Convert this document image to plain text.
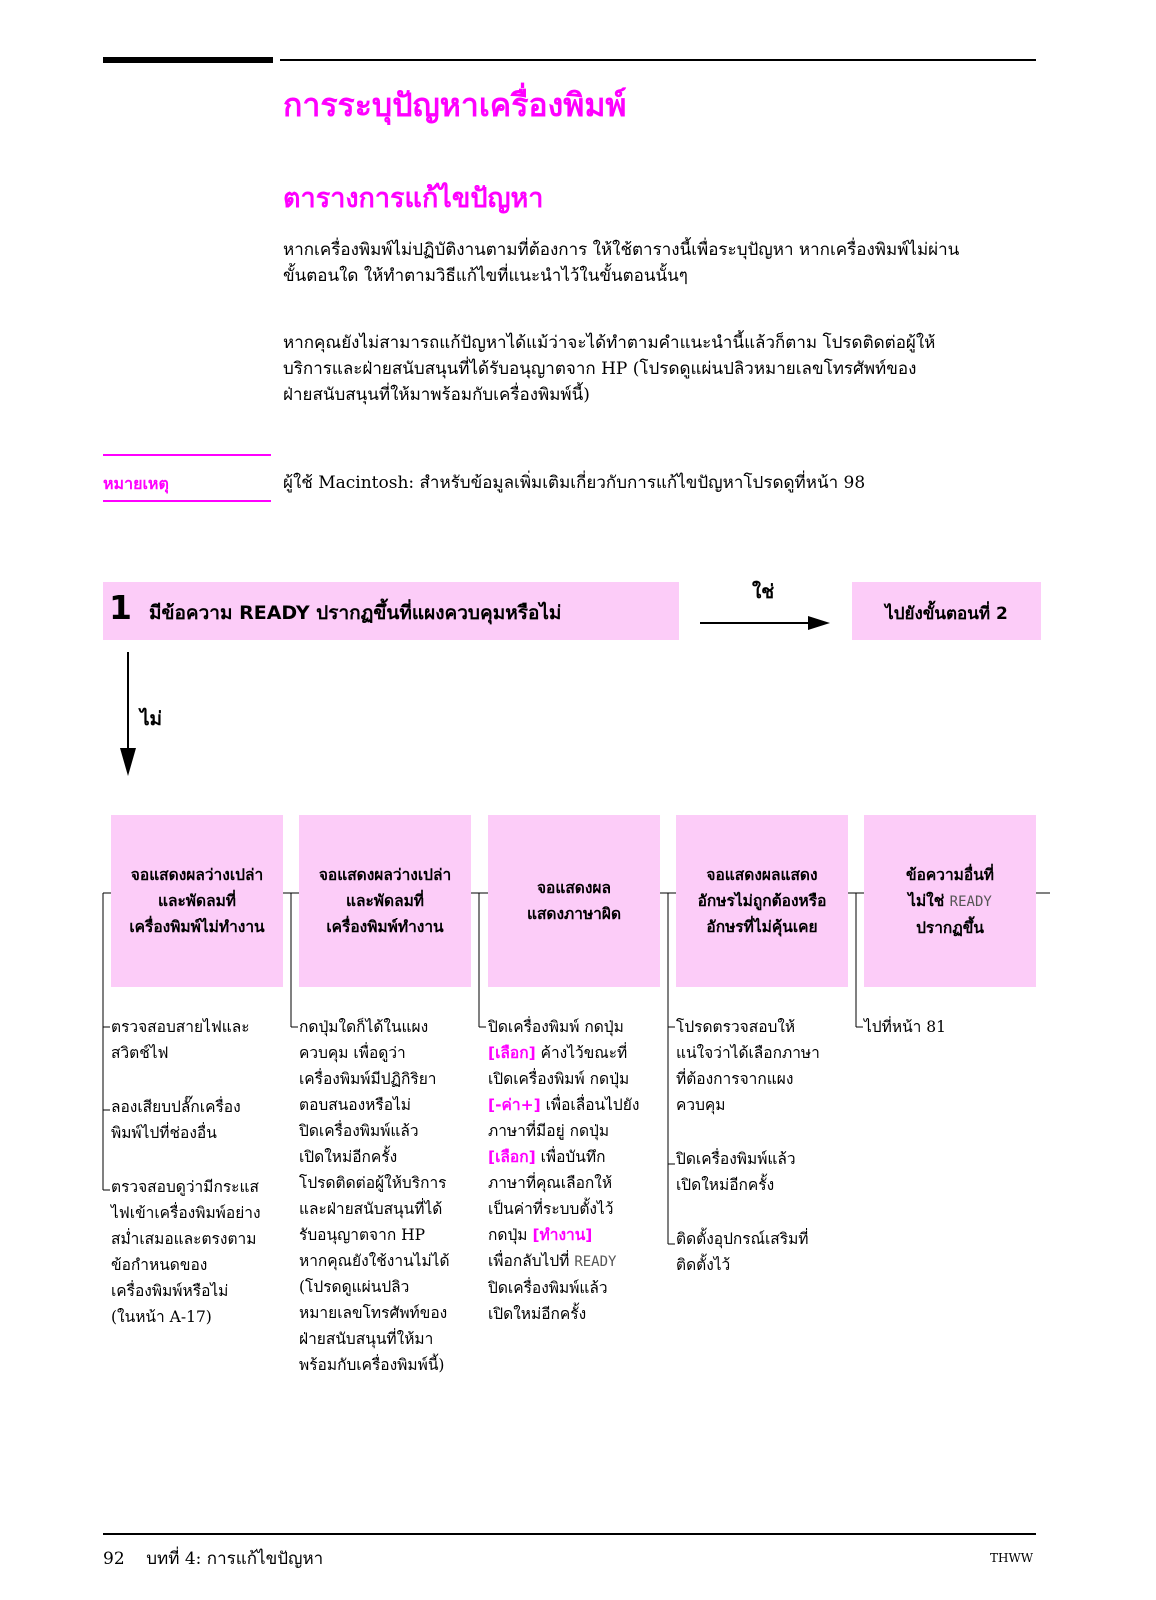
การระบุปัญหาเครื่องพิมพ์
ตารางการแก้ไขปัญหา
หากเครื่องพิมพ์ไม่ปฏิบัติงานตามที่ต้องการ ให้ใช้ตารางนี้เพื่อระบุปัญหา หากเครื่องพิมพ์ไม่ผ่าน
ขั้นตอนใด ให้ทำตามวิธีแก้ไขที่แนะนำไว้ในขั้นตอนนั้นๆ
หากคุณยังไม่สามารถแก้ปัญหาได้แม้ว่าจะได้ทำตามคำแนะนำนี้แล้วก็ตาม โปรดติดต่อผู้ให้
บริการและฝ่ายสนับสนุนที่ได้รับอนุญาตจาก HP (โปรดดูแผ่นปลิวหมายเลขโทรศัพท์ของ
ฝ่ายสนับสนุนที่ให้มาพร้อมกับเครื่องพิมพ์นี้)
หมายเหตุ	ผู้ใช้ Macintosh: สำหรับข้อมูลเพิ่มเติมเกี่ยวกับการแก้ไขปัญหาโปรดดูที่หน้า 98
1 มีข้อความ READY ปรากฏขึ้นที่แผงควบคุมหรือไม่
ใช่
ไปยังขั้นตอนที่ 2
ไม่
จอแสดงผลว่างเปล่า
และพัดลมที่
เครื่องพิมพ์ไม่ทำงาน
จอแสดงผลว่างเปล่า
และพัดลมที่
เครื่องพิมพ์ทำงาน
จอแสดงผล
แสดงภาษาผิด
จอแสดงผลแสดง
อักษรไม่ถูกต้องหรือ
อักษรที่ไม่คุ้นเคย
ข้อความอื่นที่
ไม่ใช่ READY
ปรากฏขึ้น
ตรวจสอบสายไฟและ
สวิตช์ไฟ
ลองเสียบปลั๊กเครื่อง
พิมพ์ไปที่ช่องอื่น
ตรวจสอบดูว่ามีกระแส
ไฟเข้าเครื่องพิมพ์อย่าง
สม่ำเสมอและตรงตาม
ข้อกำหนดของ
เครื่องพิมพ์หรือไม่
(ในหน้า A-17)
กดปุ่มใดก็ได้ในแผง
ควบคุม เพื่อดูว่า
เครื่องพิมพ์มีปฏิกิริยา
ตอบสนองหรือไม่
ปิดเครื่องพิมพ์แล้ว
เปิดใหม่อีกครั้ง
โปรดติดต่อผู้ให้บริการ
และฝ่ายสนับสนุนที่ได้
รับอนุญาตจาก HP
หากคุณยังใช้งานไม่ได้
(โปรดดูแผ่นปลิว
หมายเลขโทรศัพท์ของ
ฝ่ายสนับสนุนที่ให้มา
พร้อมกับเครื่องพิมพ์นี้)
ปิดเครื่องพิมพ์ กดปุ่ม
[เลือก] ค้างไว้ขณะที่
เปิดเครื่องพิมพ์ กดปุ่ม
[-ค่า+] เพื่อเลื่อนไปยัง
ภาษาที่มีอยู่ กดปุ่ม
[เลือก] เพื่อบันทึก
ภาษาที่คุณเลือกให้
เป็นค่าที่ระบบตั้งไว้
กดปุ่ม [ทำงาน]
เพื่อกลับไปที่ READY
ปิดเครื่องพิมพ์แล้ว
เปิดใหม่อีกครั้ง
โปรดตรวจสอบให้
แน่ใจว่าได้เลือกภาษา
ที่ต้องการจากแผง
ควบคุม
ปิดเครื่องพิมพ์แล้ว
เปิดใหม่อีกครั้ง
ติดตั้งอุปกรณ์เสริมที่
ติดตั้งไว้
ไปที่หน้า 81
92    บทที่ 4: การแก้ไขปัญหา	THWW
